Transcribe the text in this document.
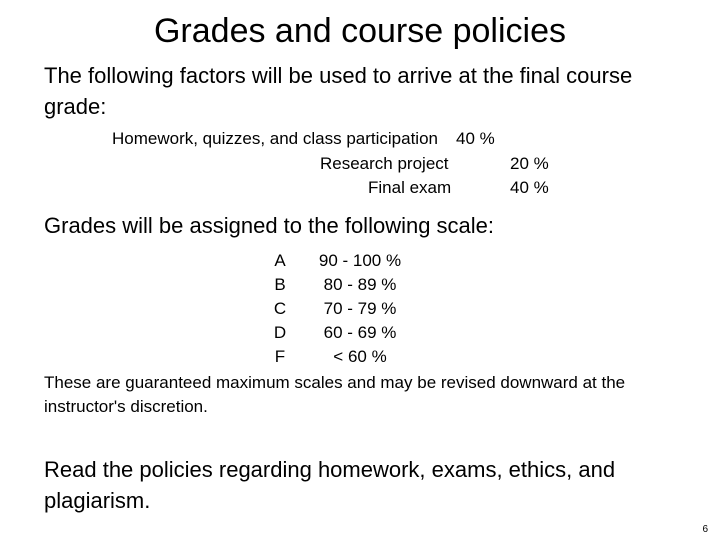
Grades and course policies
The following factors will be used to arrive at the final course grade:
Homework, quizzes, and class participation 40 %
Research project	20 %
Final exam	40 %
Grades will be assigned to the following scale:
A	90 - 100 %
B	80 - 89 %
C	70 - 79 %
D	60 - 69 %
F	< 60 %
These are guaranteed maximum scales and may be revised downward at the instructor's discretion.
Read the policies regarding homework, exams, ethics, and plagiarism.
6
